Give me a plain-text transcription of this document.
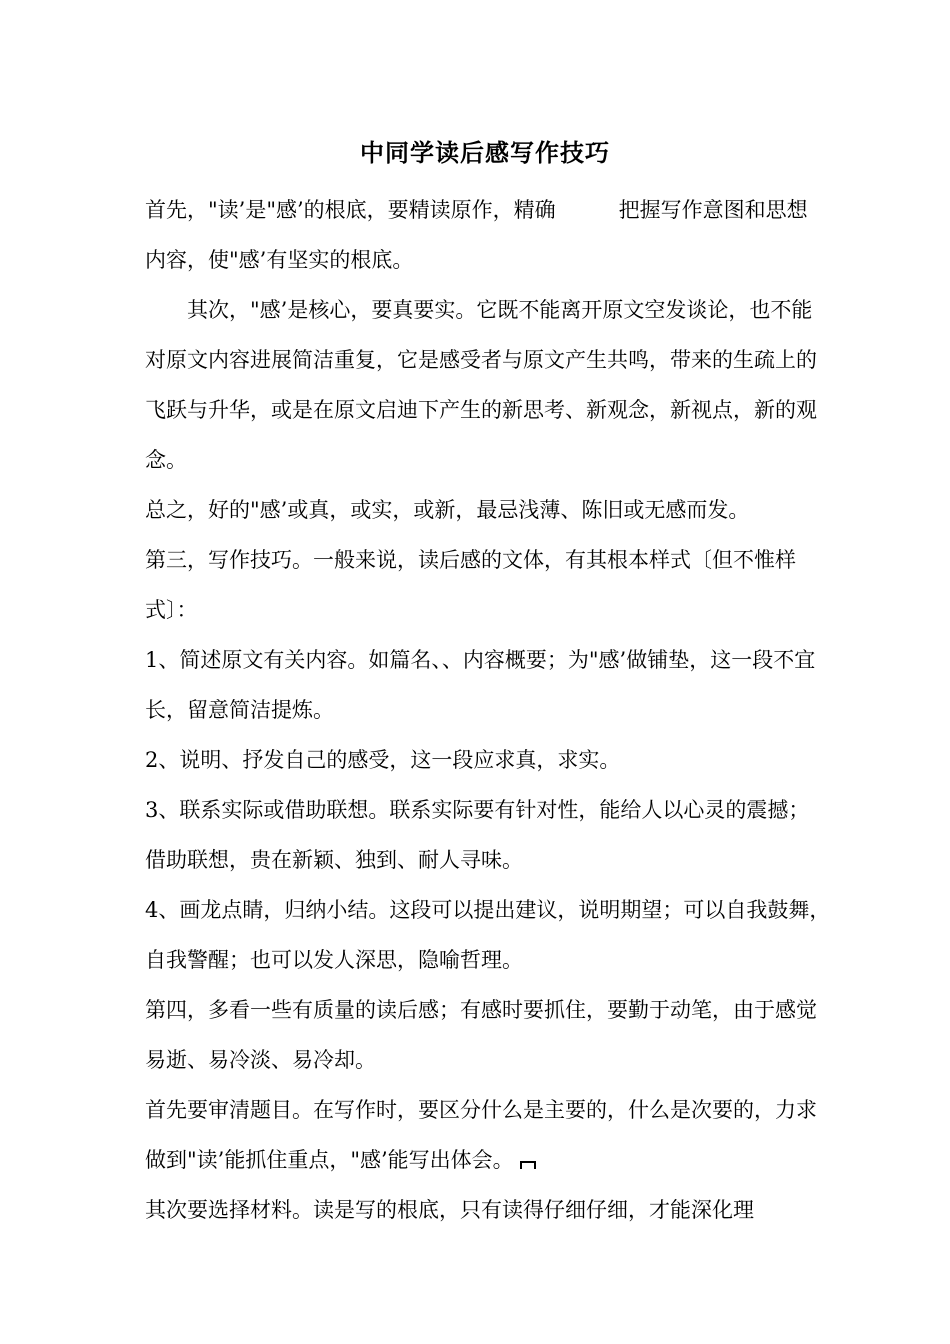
中同学读后感写作技巧

首先，"读’是"感’的根底，要精读原作，精确　　　把握写作意图和思想内容，使"感’有坚实的根底。

其次，"感’是核心，要真要实。它既不能离开原文空发谈论，也不能对原文内容进展简洁重复，它是感受者与原文产生共鸣，带来的生疏上的飞跃与升华，或是在原文启迪下产生的新思考、新观念，新视点，新的观念。

总之，好的"感’或真，或实，或新，最忌浅薄、陈旧或无感而发。

第三，写作技巧。一般来说，读后感的文体，有其根本样式〔但不惟样式〕：

1、简述原文有关内容。如篇名、、内容概要；为"感’做铺垫，这一段不宜长，留意简洁提炼。

2、说明、抒发自己的感受，这一段应求真，求实。

3、联系实际或借助联想。联系实际要有针对性，能给人以心灵的震撼；借助联想，贵在新颖、独到、耐人寻味。

4、画龙点睛，归纳小结。这段可以提出建议，说明期望；可以自我鼓舞，　自我警醒；也可以发人深思，隐喻哲理。

第四，多看一些有质量的读后感；有感时要抓住，要勤于动笔，由于感觉易逝、易冷淡、易冷却。

首先要审清题目。在写作时，要区分什么是主要的，什么是次要的，力求做到"读’能抓住重点，"感’能写出体会。

其次要选择材料。读是写的根底，只有读得仔细仔细，才能深化理
